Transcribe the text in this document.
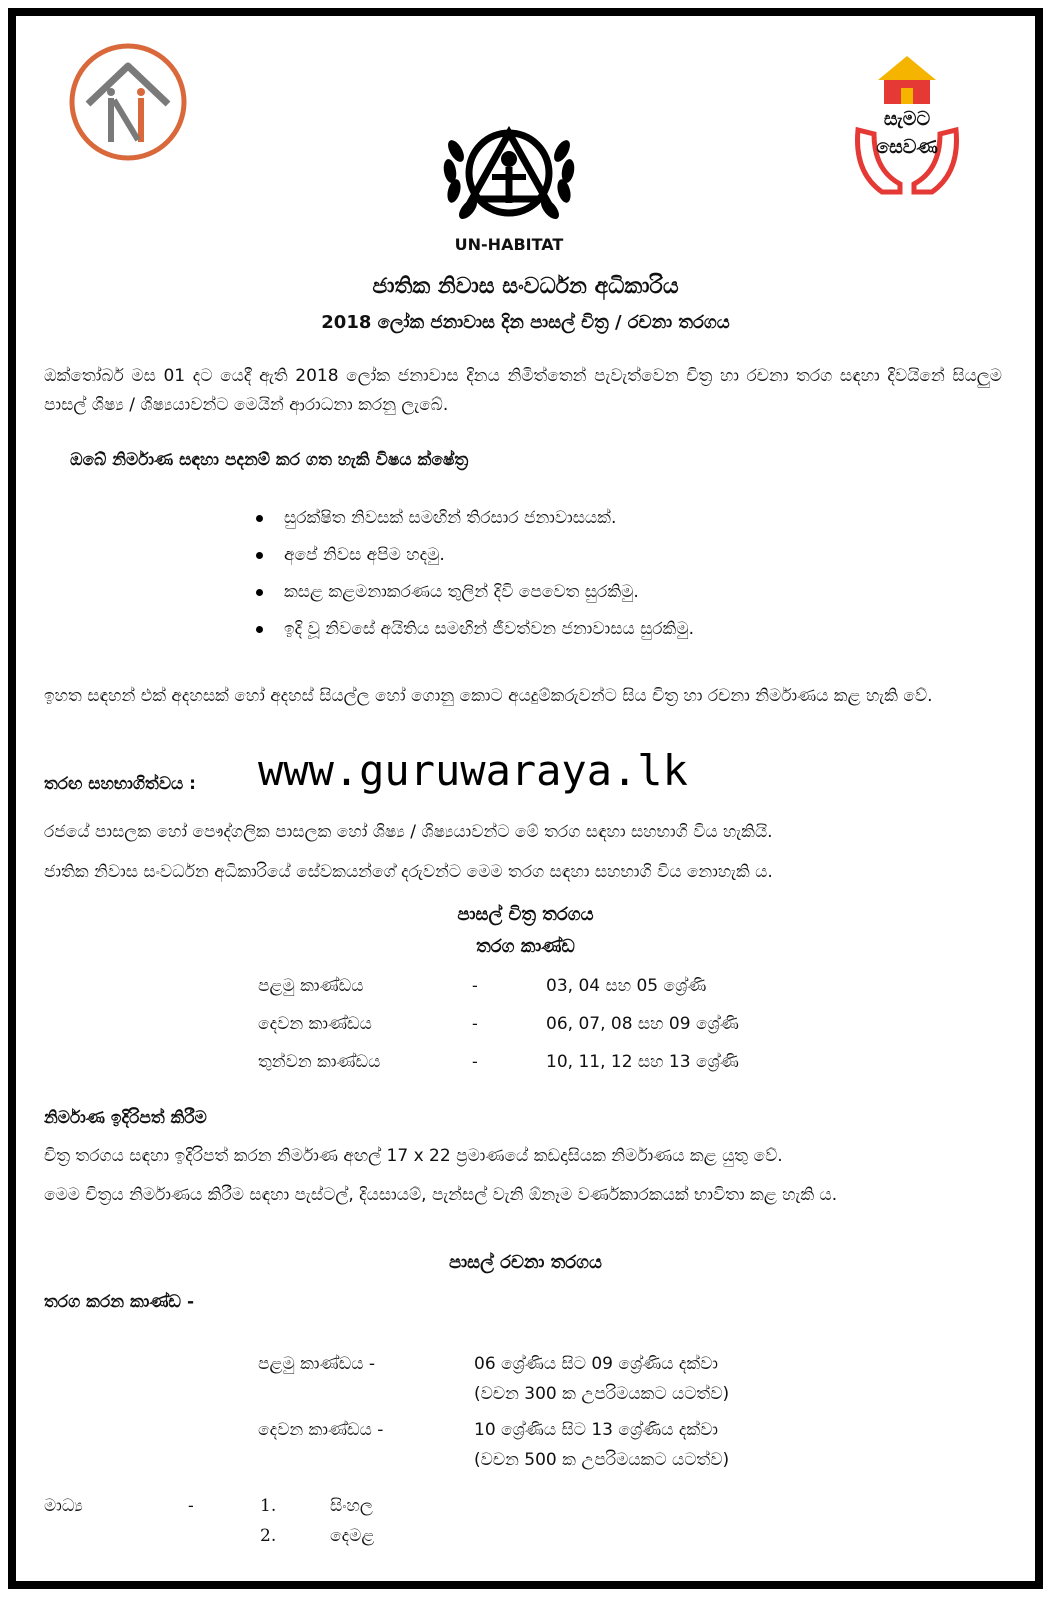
UN-HABITAT
සැමට
සෙවණ
ජාතික නිවාස සංවර්ධන අධිකාරිය
2018 ලෝක ජනාවාස දින පාසල් චිත්‍ර / රචනා තරගය
ඔක්තෝබර් මස 01 දට යෙදී ඇති 2018 ලෝක ජනාවාස දිනය නිමිත්තෙන් පැවැත්වෙන චිත්‍ර හා රචනා තරග සඳහා දිවයිනේ සියලුම පාසල් ශිෂ්‍ය / ශිෂ්‍යයාවන්ට මෙයින් ආරාධනා කරනු ලැබේ.
ඔබේ නිර්මාණ සඳහා පදනම් කර ගත හැකි විෂය ක්ෂේත්‍ර
සුරක්ෂිත නිවසක් සමඟින් තිරසාර ජනාවාසයක්.
අපේ නිවස අපිම හදමු.
කසළ කළමනාකරණය තුලින් දිවි පෙවෙත සුරකිමු.
ඉදි වූ නිවසේ අයිතිය සමඟින් ජීවත්වන ජනාවාසය සුරකිමු.
ඉහත සඳහන් එක් අදහසක් හෝ අදහස් සියල්ල හෝ ගොනු කොට අයදුම්කරුවන්ට සිය චිත්‍ර හා රචනා නිර්මාණය කළ හැකි වේ.
තරඟ සහභාගිත්වය : www.guruwaraya.lk
රජයේ පාසලක හෝ පෞද්ගලික පාසලක හෝ ශිෂ්‍ය / ශිෂ්‍යයාවන්ට මේ තරග සඳහා සහභාගි විය හැකියි.
ජාතික නිවාස සංවර්ධන අධිකාරියේ සේවකයන්ගේ දරුවන්ට මෙම තරග සඳහා සහභාගි විය නොහැකි ය.
පාසල් චිත්‍ර තරගය
තරග කාණ්ඩ
පළමු කාණ්ඩය	-	03, 04 සහ 05 ශ්‍රේණි
දෙවන කාණ්ඩය	-	06, 07, 08 සහ 09 ශ්‍රේණි
තුන්වන කාණ්ඩය	-	10, 11, 12 සහ 13 ශ්‍රේණි
නිර්මාණ ඉදිරිපත් කිරීම
චිත්‍ර තරගය සඳහා ඉදිරිපත් කරන නිර්මාණ අඟල් 17 x 22 ප්‍රමාණයේ කඩදාසියක නිර්මාණය කළ යුතු වේ.
මෙම චිත්‍රය නිර්මාණය කිරීම සඳහා පැස්ටල්, දියසායම්, පැන්සල් වැනි ඕනෑම වර්ණකාරකයක් භාවිතා කළ හැකි ය.
පාසල් රචනා තරගය
තරග කරන කාණ්ඩ -
පළමු කාණ්ඩය -	06 ශ්‍රේණිය සිට 09 ශ්‍රේණිය දක්වා
(වචන 300 ක උපරිමයකට යටත්ව)
දෙවන කාණ්ඩය -	10 ශ්‍රේණිය සිට 13 ශ්‍රේණිය දක්වා
(වචන 500 ක උපරිමයකට යටත්ව)
මාධ්‍ය	-	1.	සිංහල
2.	දෙමළ
